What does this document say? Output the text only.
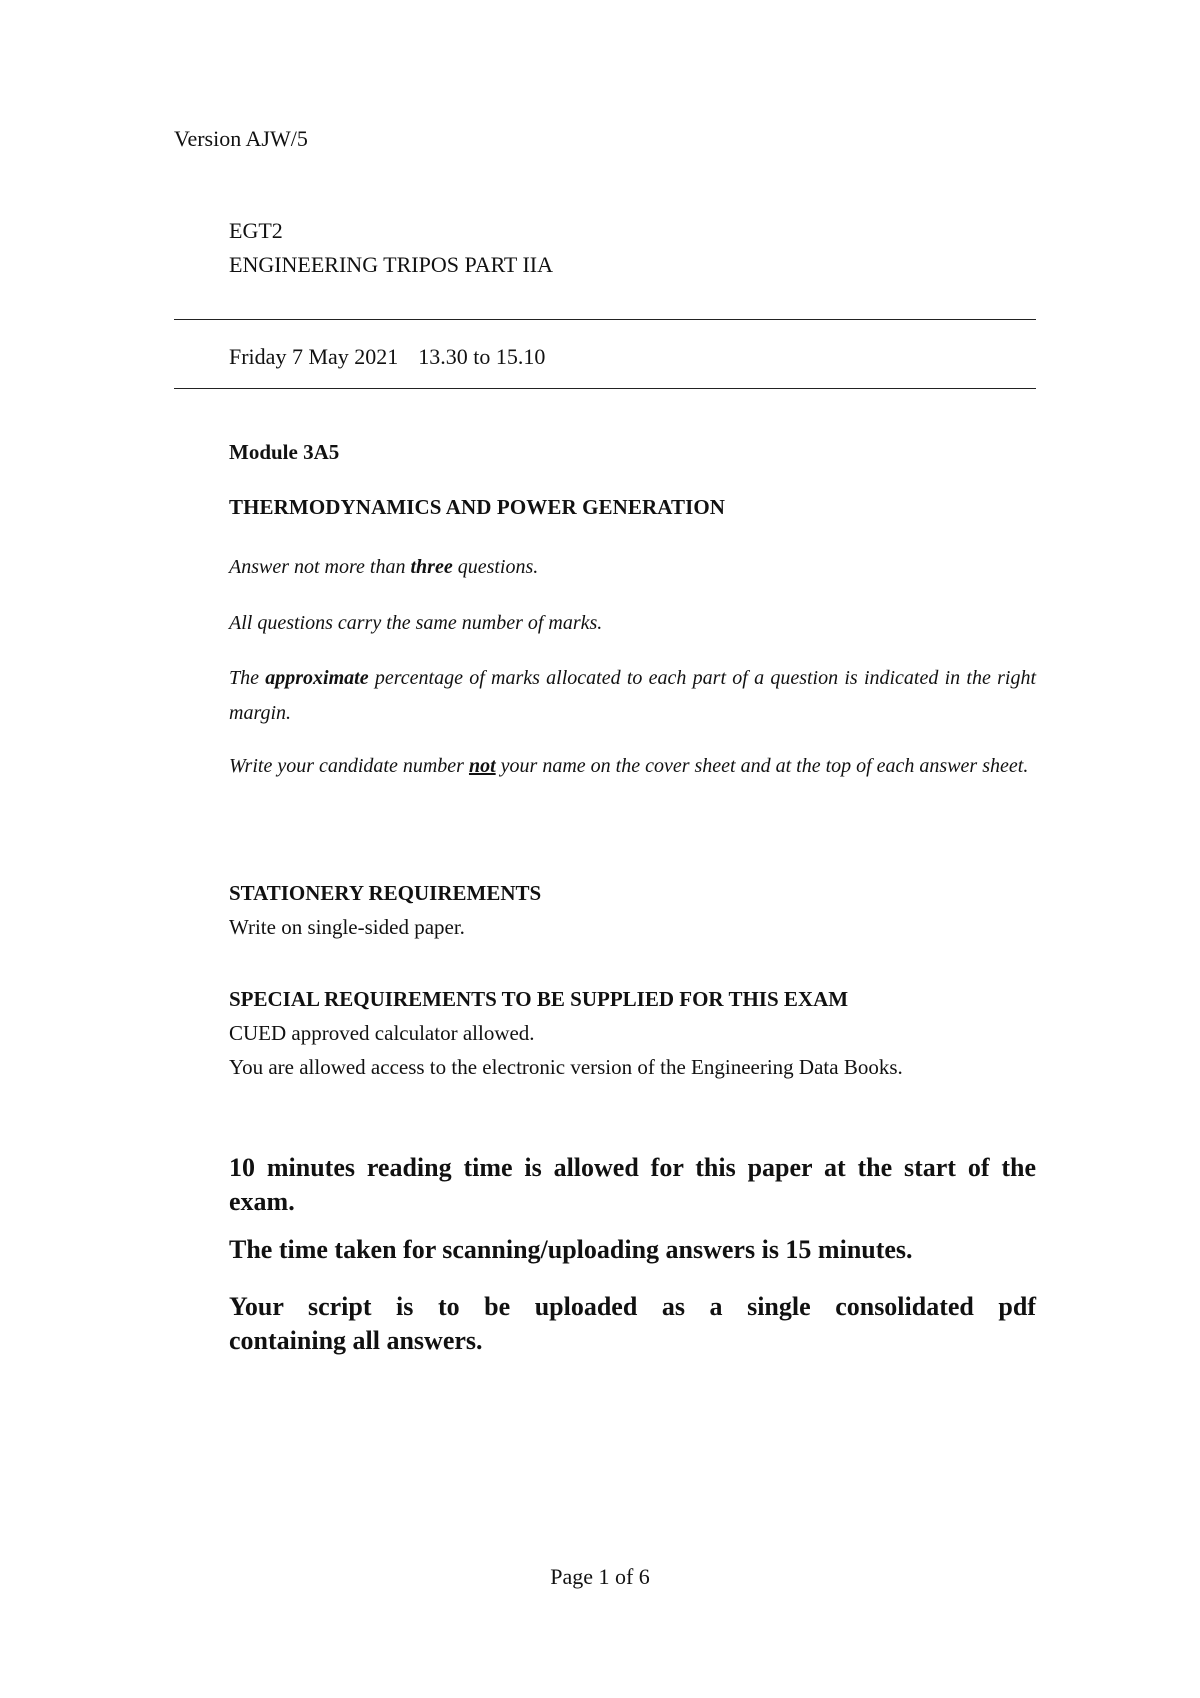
Version AJW/5
EGT2
ENGINEERING TRIPOS PART IIA
Friday 7 May 2021 13.30 to 15.10
Module 3A5
THERMODYNAMICS AND POWER GENERATION
Answer not more than three questions.
All questions carry the same number of marks.
The approximate percentage of marks allocated to each part of a question is indicated in the right margin.
Write your candidate number not your name on the cover sheet and at the top of each answer sheet.
STATIONERY REQUIREMENTS
Write on single-sided paper.
SPECIAL REQUIREMENTS TO BE SUPPLIED FOR THIS EXAM
CUED approved calculator allowed.
You are allowed access to the electronic version of the Engineering Data Books.
10 minutes reading time is allowed for this paper at the start of the exam.
The time taken for scanning/uploading answers is 15 minutes.
Your script is to be uploaded as a single consolidated pdf
containing all answers.
Page 1 of 6
